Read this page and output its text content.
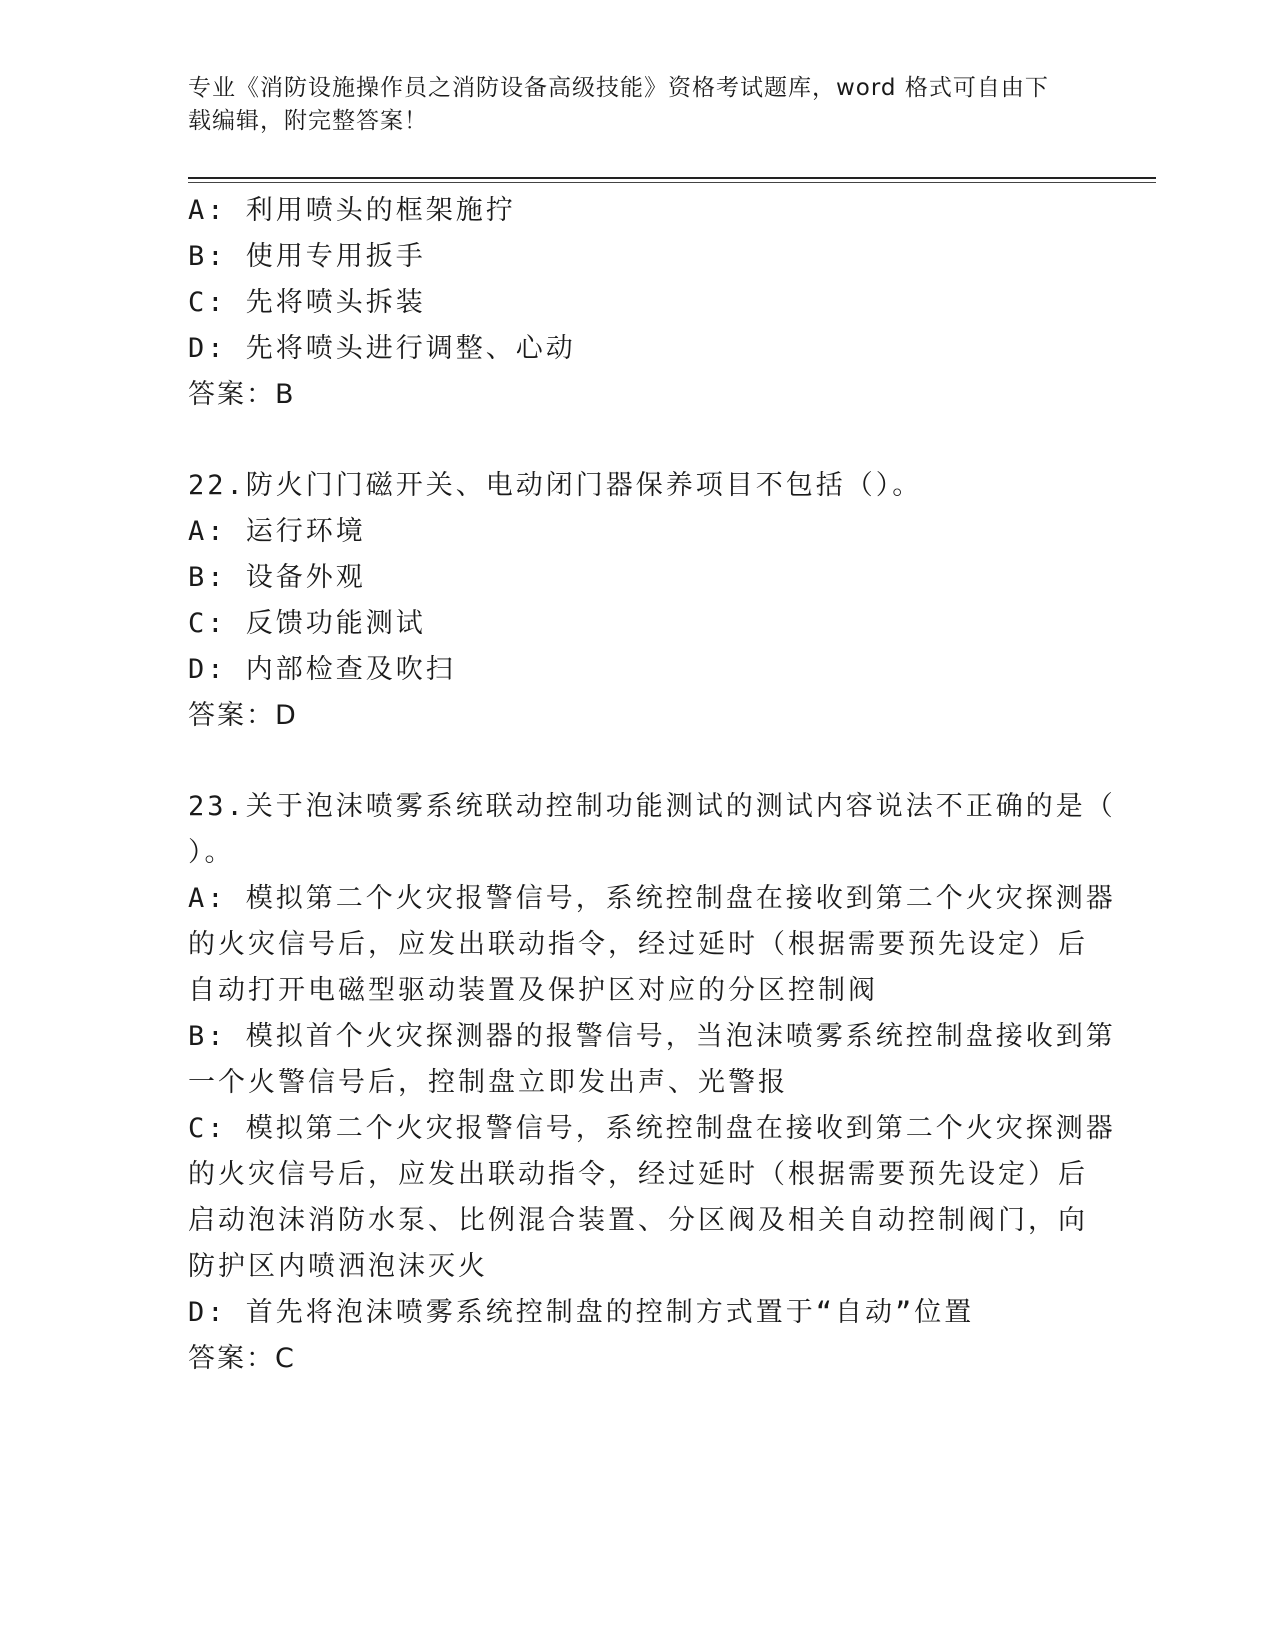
专业《消防设施操作员之消防设备高级技能》资格考试题库，word 格式可自由下
载编辑，附完整答案！
A: 利用喷头的框架施拧
B: 使用专用扳手
C: 先将喷头拆装
D: 先将喷头进行调整、心动
答案：B
22.防火门门磁开关、电动闭门器保养项目不包括（）。
A: 运行环境
B: 设备外观
C: 反馈功能测试
D: 内部检查及吹扫
答案：D
23.关于泡沫喷雾系统联动控制功能测试的测试内容说法不正确的是（
）。
A: 模拟第二个火灾报警信号，系统控制盘在接收到第二个火灾探测器
的火灾信号后，应发出联动指令，经过延时（根据需要预先设定）后
自动打开电磁型驱动装置及保护区对应的分区控制阀
B: 模拟首个火灾探测器的报警信号，当泡沫喷雾系统控制盘接收到第
一个火警信号后，控制盘立即发出声、光警报
C: 模拟第二个火灾报警信号，系统控制盘在接收到第二个火灾探测器
的火灾信号后，应发出联动指令，经过延时（根据需要预先设定）后
启动泡沫消防水泵、比例混合装置、分区阀及相关自动控制阀门，向
防护区内喷洒泡沫灭火
D: 首先将泡沫喷雾系统控制盘的控制方式置于“自动”位置
答案：C
